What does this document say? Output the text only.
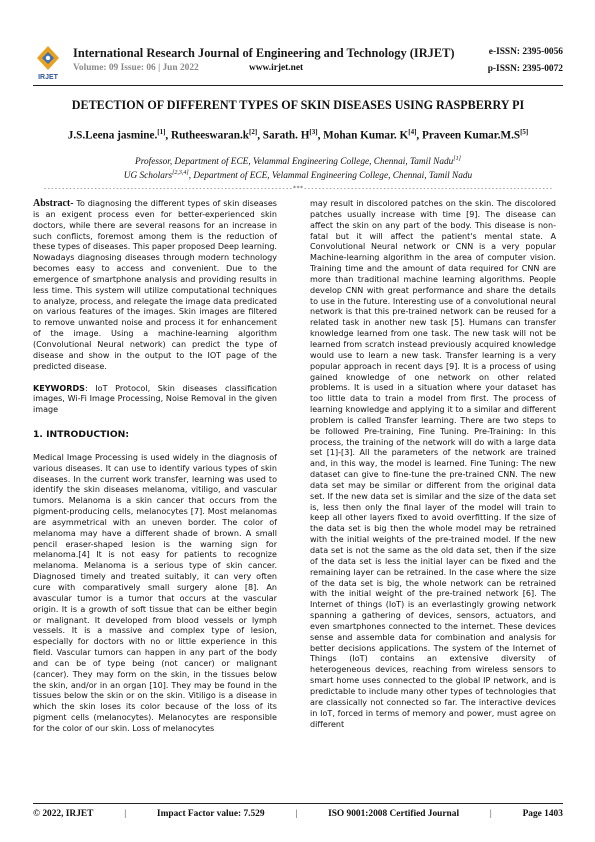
IRJET
International Research Journal of Engineering and Technology (IRJET)
Volume: 09 Issue: 06 | Jun 2022	www.irjet.net
e-ISSN: 2395-0056
p-ISSN: 2395-0072
DETECTION OF DIFFERENT TYPES OF SKIN DISEASES USING RASPBERRY PI
J.S.Leena jasmine.[1], Rutheeswaran.k[2], Sarath. H[3], Mohan Kumar. K[4], Praveen Kumar.M.S[5]
Professor, Department of ECE, Velammal Engineering College, Chennai, Tamil Nadu[1]
UG Scholars[2,3,4], Department of ECE, Velammal Engineering College, Chennai, Tamil Nadu
---------------------------------------------------------------------***---------------------------------------------------------------------

Abstract- To diagnosing the different types of skin diseases is an exigent process even for better-experienced skin doctors, while there are several reasons for an increase in such conflicts, foremost among them is the reduction of these types of diseases. This paper proposed Deep learning. Nowadays diagnosing diseases through modern technology becomes easy to access and convenient. Due to the emergence of smartphone analysis and providing results in less time. This system will utilize computational techniques to analyze, process, and relegate the image data predicated on various features of the images. Skin images are filtered to remove unwanted noise and process it for enhancement of the image. Using a machine-learning algorithm (Convolutional Neural network) can predict the type of disease and show in the output to the IOT page of the predicted disease.

KEYWORDS: IoT Protocol, Skin diseases classification images, Wi-Fi Image Processing, Noise Removal in the given image

1. INTRODUCTION:

Medical Image Processing is used widely in the diagnosis of various diseases. It can use to identify various types of skin diseases. In the current work transfer, learning was used to identify the skin diseases melanoma, vitiligo, and vascular tumors. Melanoma is a skin cancer that occurs from the pigment-producing cells, melanocytes [7]. Most melanomas are asymmetrical with an uneven border. The color of melanoma may have a different shade of brown. A small pencil eraser-shaped lesion is the warning sign for melanoma.[4] It is not easy for patients to recognize melanoma. Melanoma is a serious type of skin cancer. Diagnosed timely and treated suitably, it can very often cure with comparatively small surgery alone [8]. An avascular tumor is a tumor that occurs at the vascular origin. It is a growth of soft tissue that can be either begin or malignant. It developed from blood vessels or lymph vessels. It is a massive and complex type of lesion, especially for doctors with no or little experience in this field. Vascular tumors can happen in any part of the body and can be of type being (not cancer) or malignant (cancer). They may form on the skin, in the tissues below the skin, and/or in an organ [10]. They may be found in the tissues below the skin or on the skin. Vitiligo is a disease in which the skin loses its color because of the loss of its pigment cells (melanocytes). Melanocytes are responsible for the color of our skin. Loss of melanocytes

may result in discolored patches on the skin. The discolored patches usually increase with time [9]. The disease can affect the skin on any part of the body. This disease is non-fatal but it will affect the patient's mental state. A Convolutional Neural network or CNN is a very popular Machine-learning algorithm in the area of computer vision. Training time and the amount of data required for CNN are more than traditional machine learning algorithms. People develop CNN with great performance and share the details to use in the future. Interesting use of a convolutional neural network is that this pre-trained network can be reused for a related task in another new task [5]. Humans can transfer knowledge learned from one task. The new task will not be learned from scratch instead previously acquired knowledge would use to learn a new task. Transfer learning is a very popular approach in recent days [9]. It is a process of using gained knowledge of one network on other related problems. It is used in a situation where your dataset has too little data to train a model from first. The process of learning knowledge and applying it to a similar and different problem is called Transfer learning. There are two steps to be followed Pre-training, Fine Tuning. Pre-Training: In this process, the training of the network will do with a large data set [1]-[3]. All the parameters of the network are trained and, in this way, the model is learned. Fine Tuning: The new dataset can give to fine-tune the pre-trained CNN. The new data set may be similar or different from the original data set. If the new data set is similar and the size of the data set is, less then only the final layer of the model will train to keep all other layers fixed to avoid overfitting. If the size of the data set is big then the whole model may be retrained with the initial weights of the pre-trained model. If the new data set is not the same as the old data set, then if the size of the data set is less the initial layer can be fixed and the remaining layer can be retrained. In the case where the size of the data set is big, the whole network can be retrained with the initial weight of the pre-trained network [6]. The Internet of things (IoT) is an everlastingly growing network spanning a gathering of devices, sensors, actuators, and even smartphones connected to the internet. These devices sense and assemble data for combination and analysis for better decisions applications. The system of the Internet of Things (IoT) contains an extensive diversity of heterogeneous devices, reaching from wireless sensors to smart home uses connected to the global IP network, and is predictable to include many other types of technologies that are classically not connected so far. The interactive devices in IoT, forced in terms of memory and power, must agree on different

© 2022, IRJET	|	Impact Factor value: 7.529	|	ISO 9001:2008 Certified Journal	|	Page 1403
